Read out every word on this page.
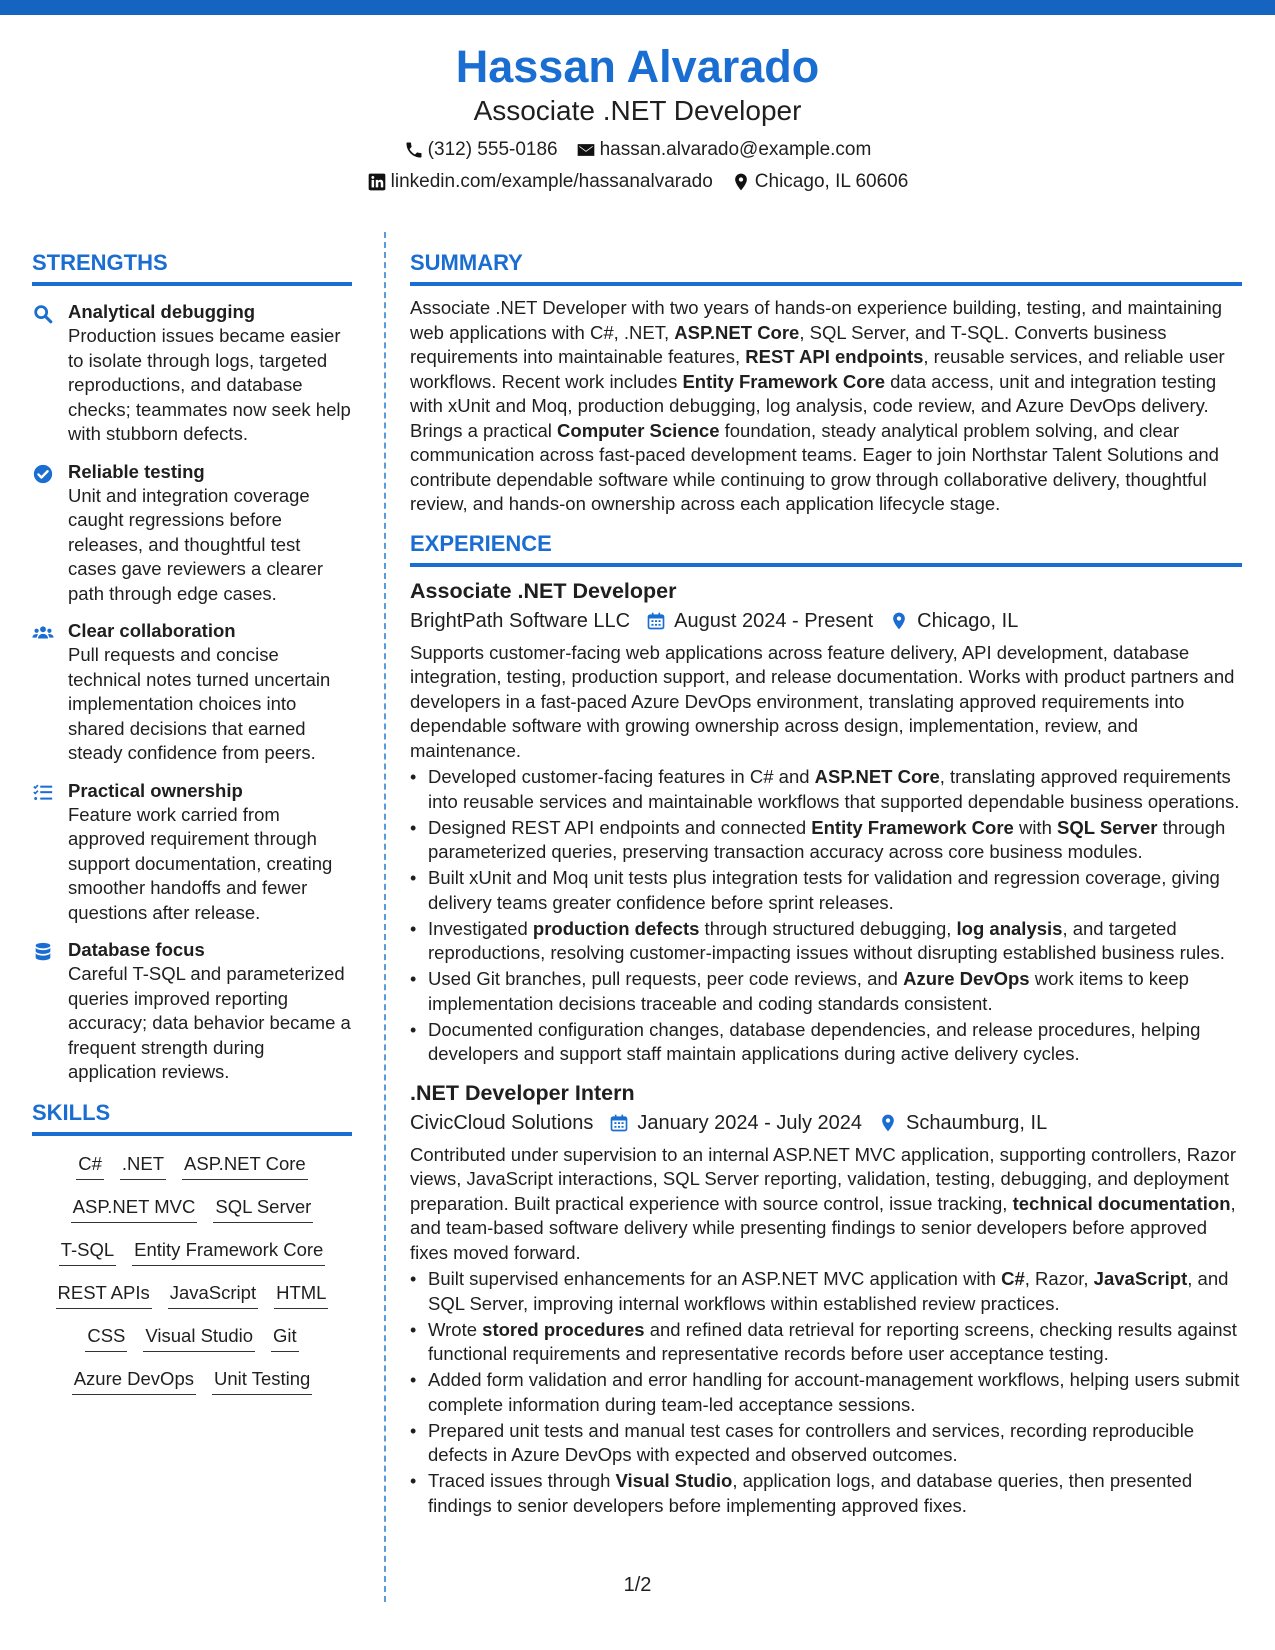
Hassan Alvarado
Associate .NET Developer
(312) 555-0186 hassan.alvarado@example.com
linkedin.com/example/hassanalvarado Chicago, IL 60606
STRENGTHS
Analytical debugging
Production issues became easier to isolate through logs, targeted reproductions, and database checks; teammates now seek help with stubborn defects.
Reliable testing
Unit and integration coverage caught regressions before releases, and thoughtful test cases gave reviewers a clearer path through edge cases.
Clear collaboration
Pull requests and concise technical notes turned uncertain implementation choices into shared decisions that earned steady confidence from peers.
Practical ownership
Feature work carried from approved requirement through support documentation, creating smoother handoffs and fewer questions after release.
Database focus
Careful T-SQL and parameterized queries improved reporting accuracy; data behavior became a frequent strength during application reviews.
SKILLS
C# .NET ASP.NET Core
ASP.NET MVC SQL Server
T-SQL Entity Framework Core
REST APIs JavaScript HTML
CSS Visual Studio Git
Azure DevOps Unit Testing
SUMMARY
Associate .NET Developer with two years of hands-on experience building, testing, and maintaining web applications with C#, .NET, ASP.NET Core, SQL Server, and T-SQL. Converts business requirements into maintainable features, REST API endpoints, reusable services, and reliable user workflows. Recent work includes Entity Framework Core data access, unit and integration testing with xUnit and Moq, production debugging, log analysis, code review, and Azure DevOps delivery. Brings a practical Computer Science foundation, steady analytical problem solving, and clear communication across fast-paced development teams. Eager to join Northstar Talent Solutions and contribute dependable software while continuing to grow through collaborative delivery, thoughtful review, and hands-on ownership across each application lifecycle stage.
EXPERIENCE
Associate .NET Developer
BrightPath Software LLC August 2024 - Present Chicago, IL
Supports customer-facing web applications across feature delivery, API development, database integration, testing, production support, and release documentation. Works with product partners and developers in a fast-paced Azure DevOps environment, translating approved requirements into dependable software with growing ownership across design, implementation, review, and maintenance.
• Developed customer-facing features in C# and ASP.NET Core, translating approved requirements into reusable services and maintainable workflows that supported dependable business operations.
• Designed REST API endpoints and connected Entity Framework Core with SQL Server through parameterized queries, preserving transaction accuracy across core business modules.
• Built xUnit and Moq unit tests plus integration tests for validation and regression coverage, giving delivery teams greater confidence before sprint releases.
• Investigated production defects through structured debugging, log analysis, and targeted reproductions, resolving customer-impacting issues without disrupting established business rules.
• Used Git branches, pull requests, peer code reviews, and Azure DevOps work items to keep implementation decisions traceable and coding standards consistent.
• Documented configuration changes, database dependencies, and release procedures, helping developers and support staff maintain applications during active delivery cycles.
.NET Developer Intern
CivicCloud Solutions January 2024 - July 2024 Schaumburg, IL
Contributed under supervision to an internal ASP.NET MVC application, supporting controllers, Razor views, JavaScript interactions, SQL Server reporting, validation, testing, debugging, and deployment preparation. Built practical experience with source control, issue tracking, technical documentation, and team-based software delivery while presenting findings to senior developers before approved fixes moved forward.
• Built supervised enhancements for an ASP.NET MVC application with C#, Razor, JavaScript, and SQL Server, improving internal workflows within established review practices.
• Wrote stored procedures and refined data retrieval for reporting screens, checking results against functional requirements and representative records before user acceptance testing.
• Added form validation and error handling for account-management workflows, helping users submit complete information during team-led acceptance sessions.
• Prepared unit tests and manual test cases for controllers and services, recording reproducible defects in Azure DevOps with expected and observed outcomes.
• Traced issues through Visual Studio, application logs, and database queries, then presented findings to senior developers before implementing approved fixes.
1/2
